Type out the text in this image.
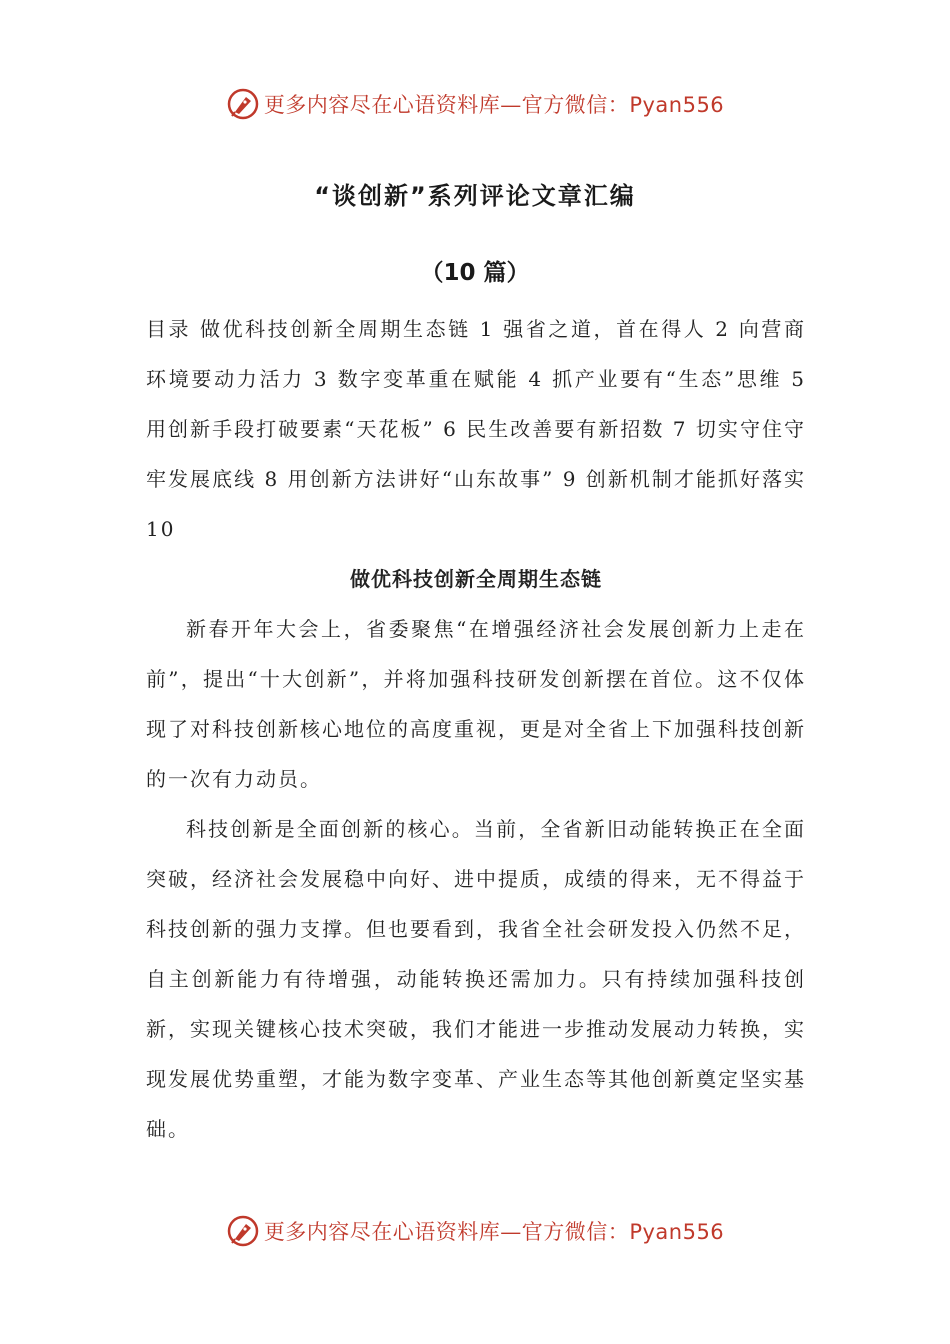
更多内容尽在心语资料库—官方微信：Pyan556
“谈创新”系列评论文章汇编
（10 篇）

目录 做优科技创新全周期生态链 1 强省之道，首在得人 2 向营商环境要动力活力 3 数字变革重在赋能 4 抓产业要有“生态”思维 5 用创新手段打破要素“天花板” 6 民生改善要有新招数 7 切实守住守牢发展底线 8 用创新方法讲好“山东故事” 9 创新机制才能抓好落实 10

做优科技创新全周期生态链

新春开年大会上，省委聚焦“在增强经济社会发展创新力上走在前”，提出“十大创新”，并将加强科技研发创新摆在首位。这不仅体现了对科技创新核心地位的高度重视，更是对全省上下加强科技创新的一次有力动员。

科技创新是全面创新的核心。当前，全省新旧动能转换正在全面突破，经济社会发展稳中向好、进中提质，成绩的得来，无不得益于科技创新的强力支撑。但也要看到，我省全社会研发投入仍然不足，自主创新能力有待增强，动能转换还需加力。只有持续加强科技创新，实现关键核心技术突破，我们才能进一步推动发展动力转换，实现发展优势重塑，才能为数字变革、产业生态等其他创新奠定坚实基础。

更多内容尽在心语资料库—官方微信：Pyan556
